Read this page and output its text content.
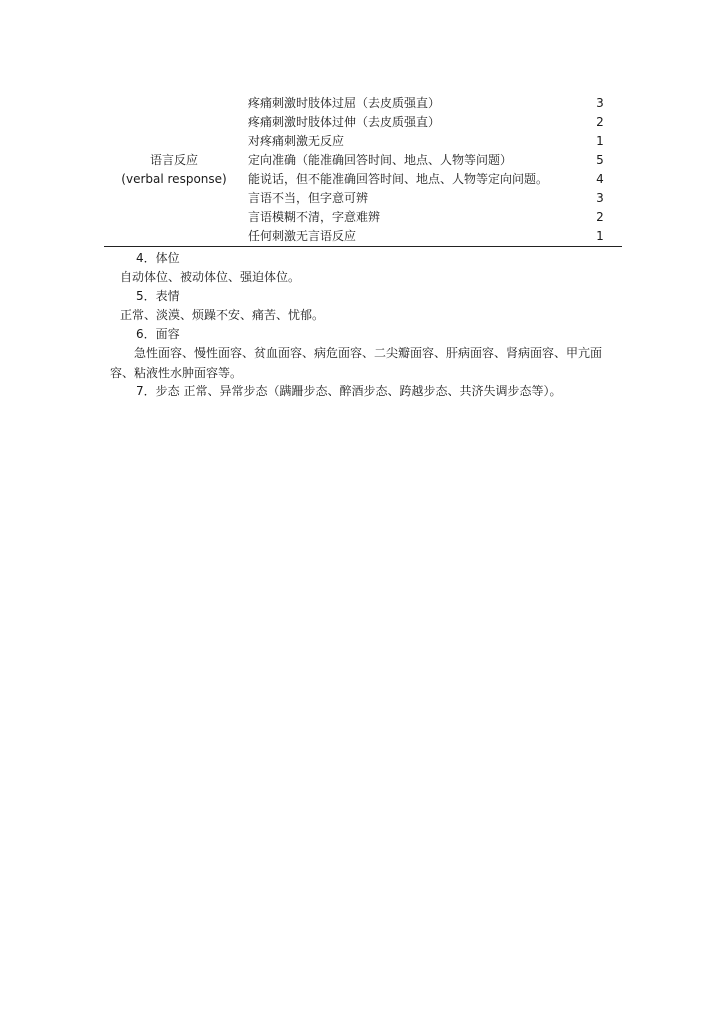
疼痛刺激时肢体过屈（去皮质强直）	3
疼痛刺激时肢体过伸（去皮质强直）	2
对疼痛刺激无反应	1
语言反应
(verbal response)
定向准确（能准确回答时间、地点、人物等问题）	5
能说话，但不能准确回答时间、地点、人物等定向问题。	4
言语不当，但字意可辨	3
言语模糊不清，字意难辨	2
任何刺激无言语反应	1
4．体位
自动体位、被动体位、强迫体位。
5．表情
正常、淡漠、烦躁不安、痛苦、忧郁。
6．面容
急性面容、慢性面容、贫血面容、病危面容、二尖瓣面容、肝病面容、肾病面容、甲亢面容、粘液性水肿面容等。
7．步态 正常、异常步态（蹒跚步态、醉酒步态、跨越步态、共济失调步态等）。
